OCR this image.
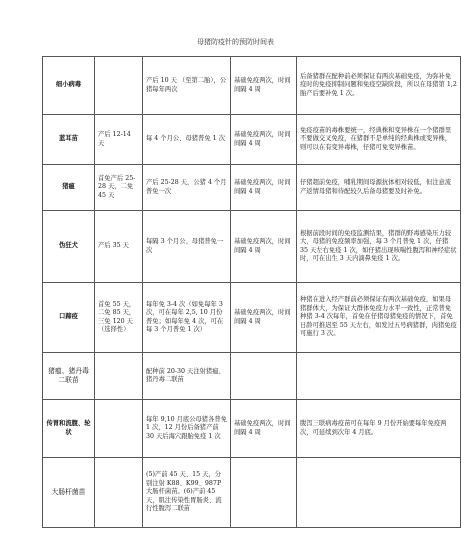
母猪防疫针的预防时间表
细小病毒		产后 10 天 （至第二胎），公猪每年两次	基础免疫两次，时间间隔 4 周	后备猪群在配种前必须保证有两次基础免疫，为弥补免疫时的免疫抑制问题和免疫空缺阶段，所以在母猪第 1,2 胎产后要补免 1 次。
蓝耳苗	产后 12-14 天	每 4 个月公、母猪普免 1 次	基础免疫两次，时间间隔 4 周	免疫疫苗的毒株要统一，经典株和变异株在一个猪群里不要做交叉免疫，在猪群不是单纯的经典株或变异株，则可以在有变异毒株，仔猪可免变异株苗。
猪瘟	首免产后 25-28 天，二免 45 天	产后 25-28 天，公猪 4 个月普免一次	基础免疫两次，时间间隔 4 周	仔猪超前免疫，哺乳期间母源抗体相对较低，但注意流产返情母猪和待配较久后备母猪要及时补免。
伪狂犬	产后 35 天	每隔 3 个月公、母猪普免一次	基础免疫两次，时间间隔 4 周	根据前段时间的免疫监测结果，猪群的野毒感染压力较大，母猪的免疫频率加强，每 3 个月普免 1 次，仔猪 35 天左右免疫 1 次，如仔猪出现咳喘性腹泻和神经症状时，可在出生 3 天内滴鼻免疫 1 次。
口蹄疫	首免 55 天，二免 85 天，三免 120 天（选择性）	每年免 3-4 次（如免每年 3 次，可在每年 2,5, 10 月份普免；如每年免 4 次，可在每 3 个月普免 1 次）	基础免疫两次，时间间隔 4 周	种猪在进入经产群前必须保证有两次基础免疫，如果母猪群体大，为保证大群体免疫力水平一致性，正常普免种猪 3-4 次每年，首免在仔猪母猪免疫的情况下，首免日龄可推迟至 55 天左右，如发过五号病猪群，肉猪免疫可施行 3 次。
猪瘟、猪丹毒二联苗		配种前 20-30 天注射猪瘟、猪丹毒二联苗		
传胃和流腹、轮状		每年 9,10 月底公母猪各普免 1 次，12 月份后备猪产前 30 天后海穴跟胎免疫 1 次	基础免疫两次，时间间隔 4 周	腹泻三联病毒疫苗可在每年 9 月份开始要每年免疫两次，可延续到次年 4 月底。
大肠杆菌苗		(5)产前 45 天、15 天，分别注射 K88、K99、987P 大肠杆菌苗。(6)产前 45 天，肌注传染性胃肠炎、流行性腹泻二联苗		
